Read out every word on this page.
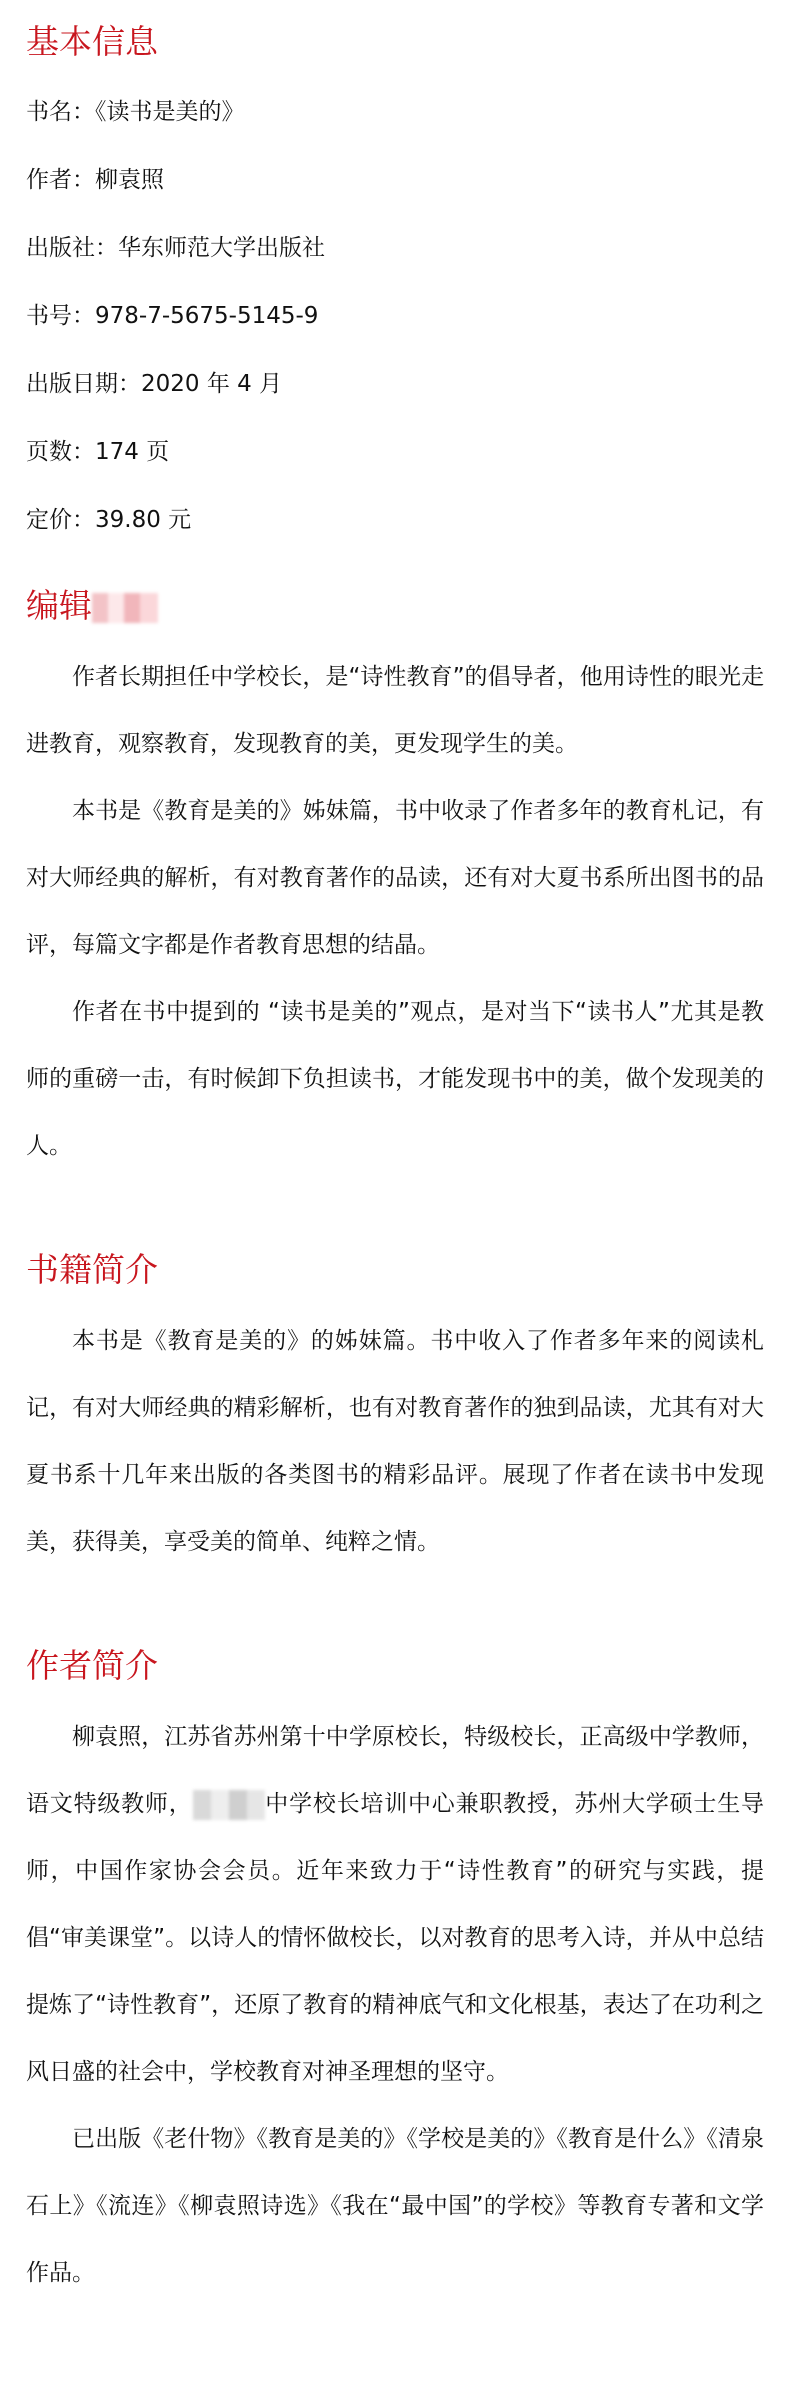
基本信息

书名：《读书是美的》

作者：柳袁照

出版社：华东师范大学出版社

书号：978-7-5675-5145-9

出版日期：2020 年 4 月

页数：174 页

定价：39.80 元

编辑

作者长期担任中学校长，是“诗性教育”的倡导者，他用诗性的眼光走进教育，观察教育，发现教育的美，更发现学生的美。

本书是《教育是美的》姊妹篇，书中收录了作者多年的教育札记，有对大师经典的解析，有对教育著作的品读，还有对大夏书系所出图书的品评，每篇文字都是作者教育思想的结晶。

作者在书中提到的 “读书是美的”观点，是对当下“读书人”尤其是教师的重磅一击，有时候卸下负担读书，才能发现书中的美，做个发现美的人。

书籍简介

本书是《教育是美的》的姊妹篇。书中收入了作者多年来的阅读札记，有对大师经典的精彩解析，也有对教育著作的独到品读，尤其有对大夏书系十几年来出版的各类图书的精彩品评。展现了作者在读书中发现美，获得美，享受美的简单、纯粹之情。

作者简介

柳袁照，江苏省苏州第十中学原校长，特级校长，正高级中学教师，语文特级教师，	中学校长培训中心兼职教授，苏州大学硕士生导师，中国作家协会会员。近年来致力于“诗性教育”的研究与实践，提倡“审美课堂”。以诗人的情怀做校长，以对教育的思考入诗，并从中总结提炼了“诗性教育”，还原了教育的精神底气和文化根基，表达了在功利之风日盛的社会中，学校教育对神圣理想的坚守。

已出版《老什物》《教育是美的》《学校是美的》《教育是什么》《清泉石上》《流连》《柳袁照诗选》《我在“最中国”的学校》等教育专著和文学作品。
